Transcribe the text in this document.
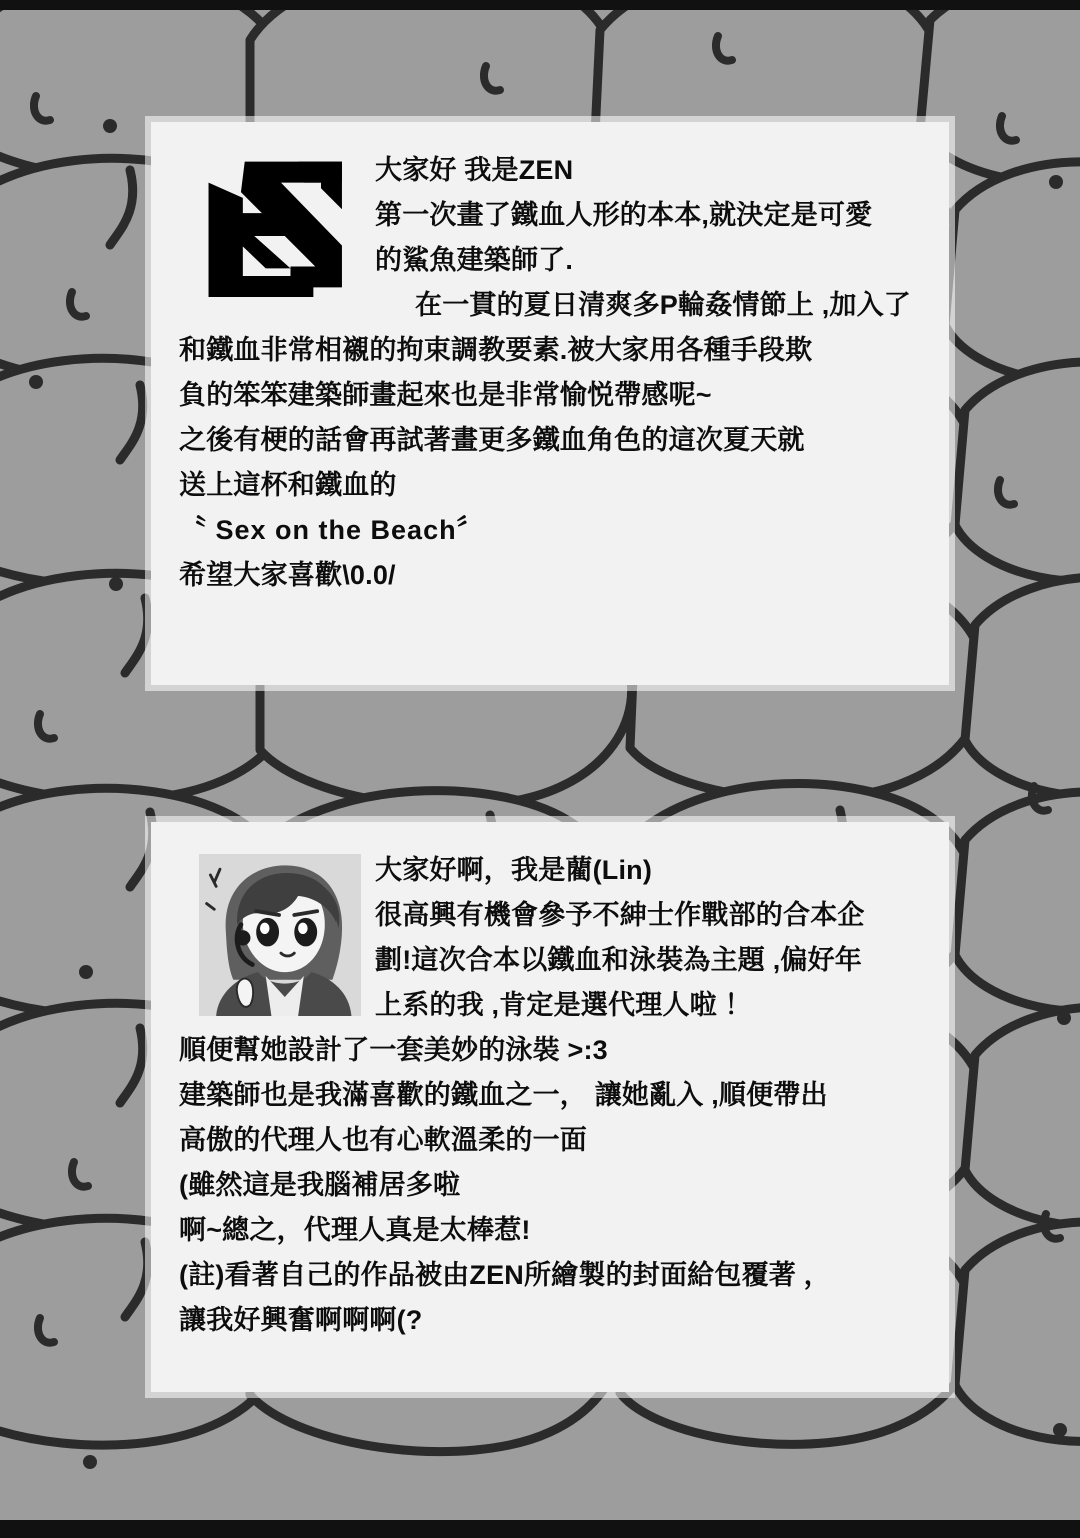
大家好 我是ZEN

第一次畫了鐵血人形的本本,就決定是可愛

的鯊魚建築師了.

在一貫的夏日清爽多P輪姦情節上 ,加入了

和鐵血非常相襯的拘束調教要素.被大家用各種手段欺

負的笨笨建築師畫起來也是非常愉悦帶感呢~

之後有梗的話會再試著畫更多鐵血角色的這次夏天就

送上這杯和鐵血的

〝 Sex on the Beach〞

希望大家喜歡\0.0/

大家好啊，我是藺(Lin)

很高興有機會參予不紳士作戰部的合本企

劃!這次合本以鐵血和泳裝為主題 ,偏好年

上系的我 ,肯定是選代理人啦 ！

順便幫她設計了一套美妙的泳裝 >:3

建築師也是我滿喜歡的鐵血之一， 讓她亂入 ,順便帶出

高傲的代理人也有心軟溫柔的一面

(雖然這是我腦補居多啦

啊~總之，代理人真是太棒惹!

(註)看著自己的作品被由ZEN所繪製的封面給包覆著 ，

讓我好興奮啊啊啊(?
